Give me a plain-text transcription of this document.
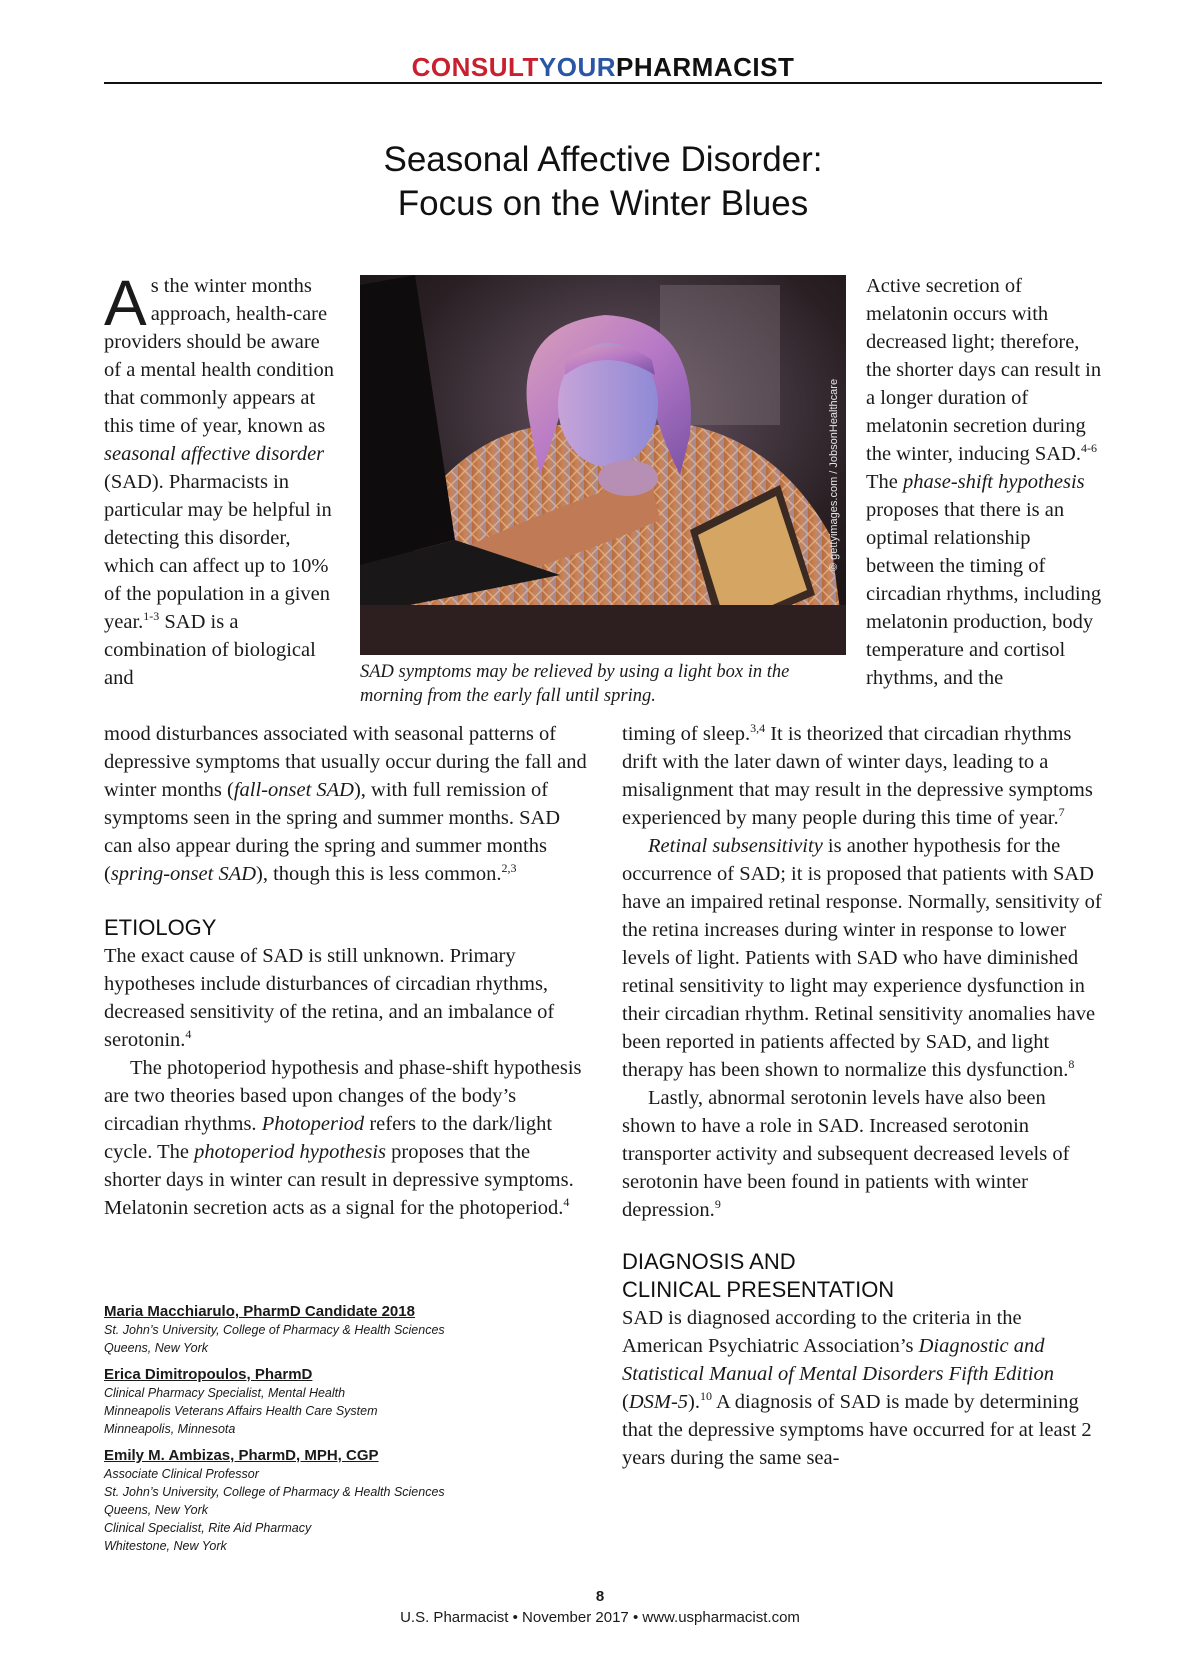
CONSULTYOURPHARMACIST
Seasonal Affective Disorder:
Focus on the Winter Blues

As the winter months approach, health-care providers should be aware of a mental health condition that commonly appears at this time of year, known as seasonal affective disorder (SAD). Pharmacists in particular may be helpful in detecting this disorder, which can affect up to 10% of the population in a given year.$^{1-3}$ SAD is a combination of biological and

© gettyimages.com / JobsonHealthcare
SAD symptoms may be relieved by using a light box in the morning from the early fall until spring.

Active secretion of melatonin occurs with decreased light; therefore, the shorter days can result in a longer duration of melatonin secretion during the winter, inducing SAD.$^{4-6}$ The phase-shift hypothesis proposes that there is an optimal relationship between the timing of circadian rhythms, including melatonin production, body temperature and cortisol rhythms, and the

mood disturbances associated with seasonal patterns of depressive symptoms that usually occur during the fall and winter months (fall-onset SAD), with full remission of symptoms seen in the spring and summer months. SAD can also appear during the spring and summer months (spring-onset SAD), though this is less common.$^{2,3}$

ETIOLOGY

The exact cause of SAD is still unknown. Primary hypotheses include disturbances of circadian rhythms, decreased sensitivity of the retina, and an imbalance of serotonin.$^4$

The photoperiod hypothesis and phase-shift hypothesis are two theories based upon changes of the body’s circadian rhythms. Photoperiod refers to the dark/light cycle. The photoperiod hypothesis proposes that the shorter days in winter can result in depressive symptoms. Melatonin secretion acts as a signal for the photoperiod.$^4$

Maria Macchiarulo, PharmD Candidate 2018
St. John’s University, College of Pharmacy & Health Sciences
Queens, New York
Erica Dimitropoulos, PharmD
Clinical Pharmacy Specialist, Mental Health
Minneapolis Veterans Affairs Health Care System
Minneapolis, Minnesota
Emily M. Ambizas, PharmD, MPH, CGP
Associate Clinical Professor
St. John’s University, College of Pharmacy & Health Sciences
Queens, New York
Clinical Specialist, Rite Aid Pharmacy
Whitestone, New York

timing of sleep.$^{3,4}$ It is theorized that circadian rhythms drift with the later dawn of winter days, leading to a misalignment that may result in the depressive symptoms experienced by many people during this time of year.$^7$

Retinal subsensitivity is another hypothesis for the occurrence of SAD; it is proposed that patients with SAD have an impaired retinal response. Normally, sensitivity of the retina increases during winter in response to lower levels of light. Patients with SAD who have diminished retinal sensitivity to light may experience dysfunction in their circadian rhythm. Retinal sensitivity anomalies have been reported in patients affected by SAD, and light therapy has been shown to normalize this dysfunction.$^8$

Lastly, abnormal serotonin levels have also been shown to have a role in SAD. Increased serotonin transporter activity and subsequent decreased levels of serotonin have been found in patients with winter depression.$^9$

DIAGNOSIS AND
CLINICAL PRESENTATION

SAD is diagnosed according to the criteria in the American Psychiatric Association’s Diagnostic and Statistical Manual of Mental Disorders Fifth Edition (DSM-5).$^{10}$ A diagnosis of SAD is made by determining that the depressive symptoms have occurred for at least 2 years during the same sea-

8
U.S. Pharmacist • November 2017 • www.uspharmacist.com
